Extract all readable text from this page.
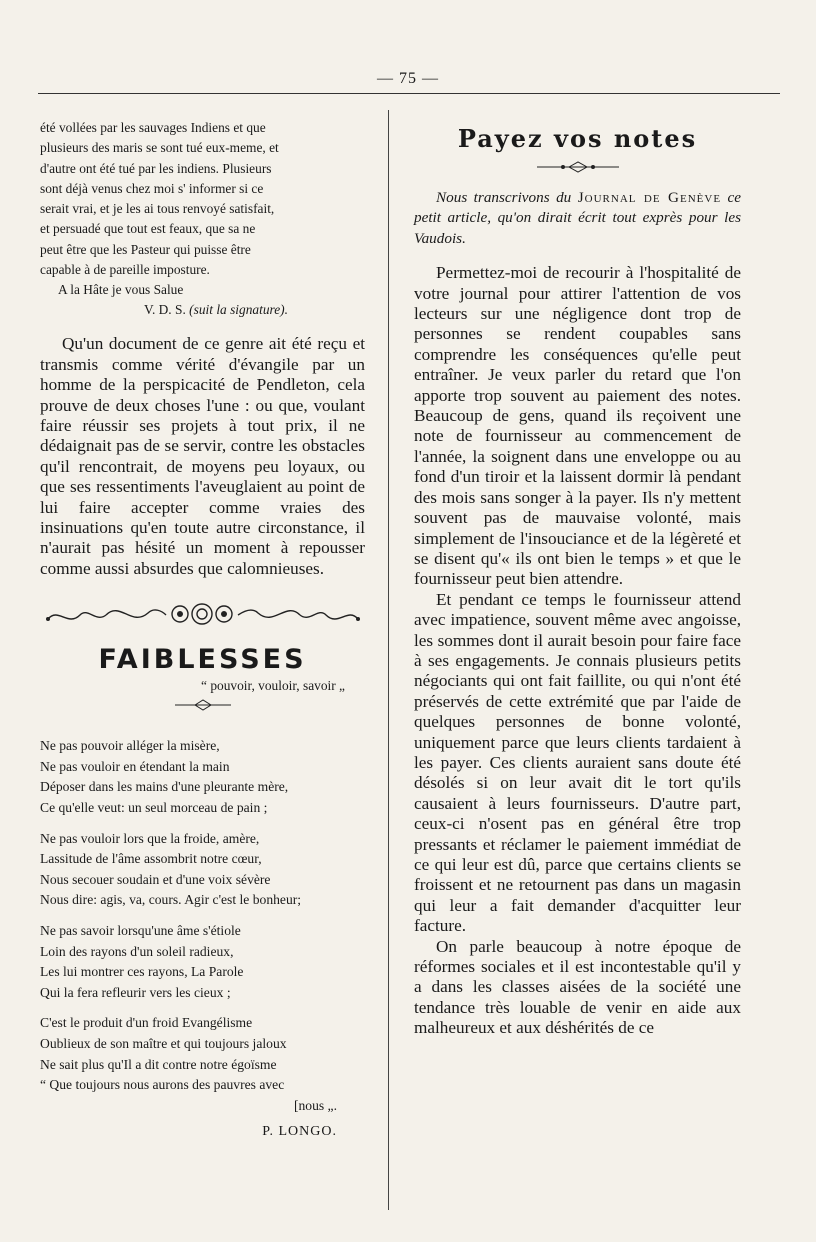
— 75 —

été vollées par les sauvages Indiens et que
plusieurs des maris se sont tué eux-meme, et
d'autre ont été tué par les indiens. Plusieurs
sont déjà venus chez moi s' informer si ce
serait vrai, et je les ai tous renvoyé satisfait,
et persuadé que tout est feaux, que sa ne
peut être que les Pasteur qui puisse être
capable à de pareille imposture.

A la Hâte je vous Salue

V. D. S. (suit la signature).

Qu'un document de ce genre ait été reçu et transmis comme vérité d'évangile par un homme de la perspicacité de Pendleton, cela prouve de deux choses l'une : ou que, voulant faire réussir ses projets à tout prix, il ne dédaignait pas de se servir, contre les obstacles qu'il rencontrait, de moyens peu loyaux, ou que ses ressentiments l'aveuglaient au point de lui faire accepter comme vraies des insinuations qu'en toute autre circonstance, il n'aurait pas hésité un moment à repousser comme aussi absurdes que calomnieuses.

FAIBLESSES
“ pouvoir, vouloir, savoir „
Ne pas pouvoir alléger la misère,
Ne pas vouloir en étendant la main
Déposer dans les mains d'une pleurante mère,
Ce qu'elle veut: un seul morceau de pain ;
Ne pas vouloir lors que la froide, amère,
Lassitude de l'âme assombrit notre cœur,
Nous secouer soudain et d'une voix sévère
Nous dire: agis, va, cours. Agir c'est le bonheur;
Ne pas savoir lorsqu'une âme s'étiole
Loin des rayons d'un soleil radieux,
Les lui montrer ces rayons, La Parole
Qui la fera refleurir vers les cieux ;
C'est le produit d'un froid Evangélisme
Oublieux de son maître et qui toujours jaloux
Ne sait plus qu'Il a dit contre notre égoïsme
“ Que toujours nous aurons des pauvres avec
[nous „.
P. LONGO.
Payez vos notes

Nous transcrivons du Journal de Genève ce petit article, qu'on dirait écrit tout exprès pour les Vaudois.

Permettez-moi de recourir à l'hospitalité de votre journal pour attirer l'attention de vos lecteurs sur une négligence dont trop de personnes se rendent coupables sans comprendre les conséquences qu'elle peut entraîner. Je veux parler du retard que l'on apporte trop souvent au paiement des notes. Beaucoup de gens, quand ils reçoivent une note de fournisseur au commencement de l'année, la soignent dans une enveloppe ou au fond d'un tiroir et la laissent dormir là pendant des mois sans songer à la payer. Ils n'y mettent souvent pas de mauvaise volonté, mais simplement de l'insouciance et de la légèreté et se disent qu'« ils ont bien le temps » et que le fournisseur peut bien attendre.

Et pendant ce temps le fournisseur attend avec impatience, souvent même avec angoisse, les sommes dont il aurait besoin pour faire face à ses engagements. Je connais plusieurs petits négociants qui ont fait faillite, ou qui n'ont été préservés de cette extrémité que par l'aide de quelques personnes de bonne volonté, uniquement parce que leurs clients tardaient à les payer. Ces clients auraient sans doute été désolés si on leur avait dit le tort qu'ils causaient à leurs fournisseurs. D'autre part, ceux-ci n'osent pas en général être trop pressants et réclamer le paiement immédiat de ce qui leur est dû, parce que certains clients se froissent et ne retournent pas dans un magasin qui leur a fait demander d'acquitter leur facture.

On parle beaucoup à notre époque de réformes sociales et il est incontestable qu'il y a dans les classes aisées de la société une tendance très louable de venir en aide aux malheureux et aux déshérités de ce
